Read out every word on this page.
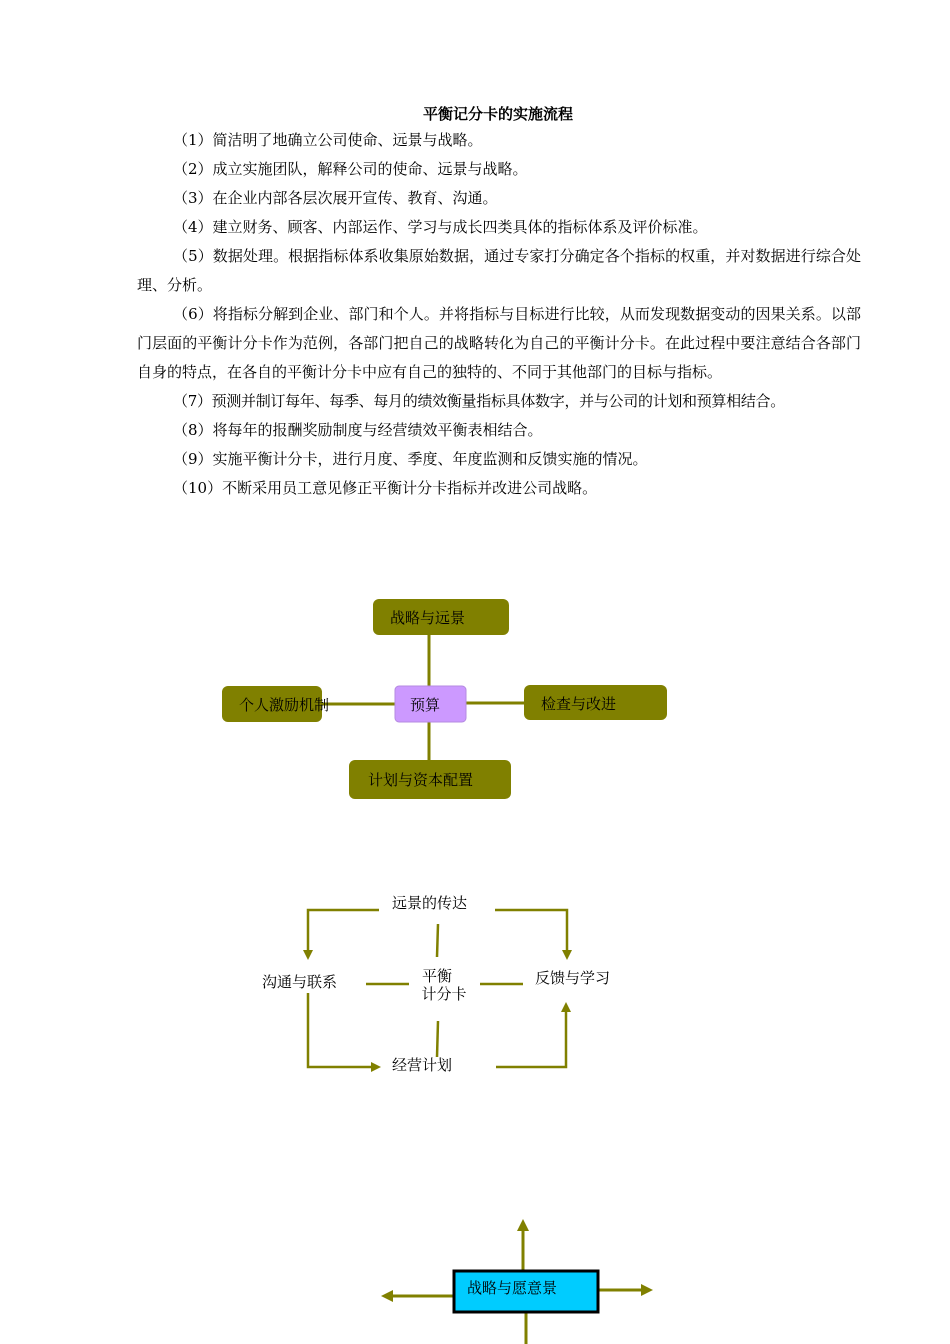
平衡记分卡的实施流程

（1）简洁明了地确立公司使命、远景与战略。

（2）成立实施团队，解释公司的使命、远景与战略。

（3）在企业内部各层次展开宣传、教育、沟通。

（4）建立财务、顾客、内部运作、学习与成长四类具体的指标体系及评价标准。

（5）数据处理。根据指标体系收集原始数据，通过专家打分确定各个指标的权重，并对数据进行综合处理、分析。

（6）将指标分解到企业、部门和个人。并将指标与目标进行比较，从而发现数据变动的因果关系。以部门层面的平衡计分卡作为范例，各部门把自己的战略转化为自己的平衡计分卡。在此过程中要注意结合各部门自身的特点，在各自的平衡计分卡中应有自己的独特的、不同于其他部门的目标与指标。

（7）预测并制订每年、每季、每月的绩效衡量指标具体数字，并与公司的计划和预算相结合。

（8）将每年的报酬奖励制度与经营绩效平衡表相结合。

（9）实施平衡计分卡，进行月度、季度、年度监测和反馈实施的情况。

（10）不断采用员工意见修正平衡计分卡指标并改进公司战略。

战略与远景
个人激励机制	预算	检查与改进
计划与资本配置
远景的传达
沟通与联系	平衡
计分卡
反馈与学习
经营计划
战略与愿意景
